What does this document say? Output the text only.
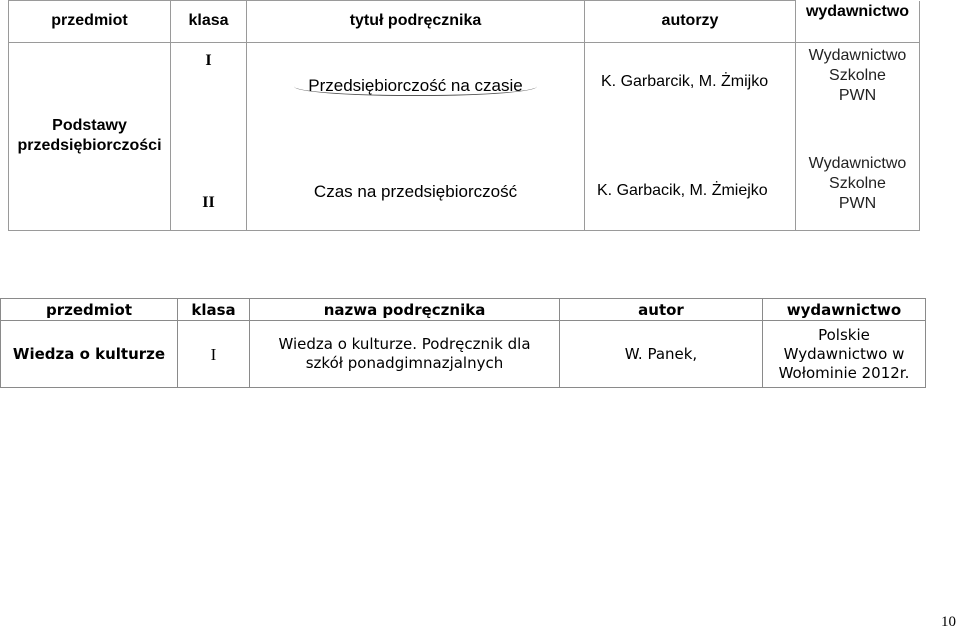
przedmiot	klasa	tytuł podręcznika	autorzy	wydawnictwo
Podstawy przedsiębiorczości	I	Przedsiębiorczość na czasie	K. Garbarcik, M. Żmijko	Wydawnictwo
Szkolne
PWN

	II	Czas na przedsiębiorczość	K. Garbacik, M. Żmiejko	Wydawnictwo
Szkolne
PWN
przedmiot	klasa	nazwa podręcznika	autor	wydawnictwo
Wiedza o kulturze	I	Wiedza o kulturze. Podręcznik dla szkół ponadgimnazjalnych	W. Panek,	Polskie
Wydawnictwo w
Wołominie 2012r.
10
